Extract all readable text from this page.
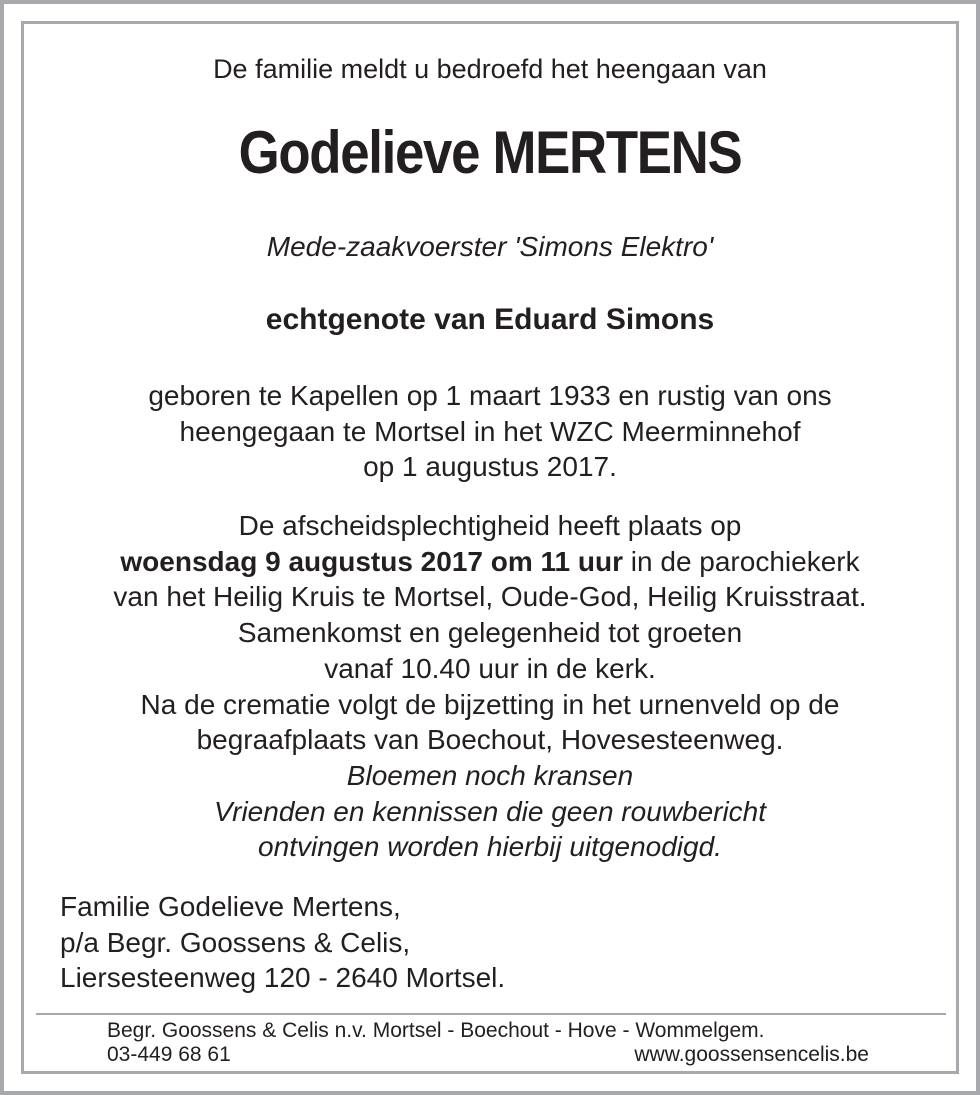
De familie meldt u bedroefd het heengaan van
Godelieve MERTENS
Mede-zaakvoerster 'Simons Elektro'
echtgenote van Eduard Simons
geboren te Kapellen op 1 maart 1933 en rustig van ons
heengegaan te Mortsel in het WZC Meerminnehof
op 1 augustus 2017.
De afscheidsplechtigheid heeft plaats op
woensdag 9 augustus 2017 om 11 uur in de parochiekerk
van het Heilig Kruis te Mortsel, Oude-God, Heilig Kruisstraat.
Samenkomst en gelegenheid tot groeten
vanaf 10.40 uur in de kerk.
Na de crematie volgt de bijzetting in het urnenveld op de
begraafplaats van Boechout, Hovesesteenweg.
Bloemen noch kransen
Vrienden en kennissen die geen rouwbericht
ontvingen worden hierbij uitgenodigd.
Familie Godelieve Mertens,
p/a Begr. Goossens & Celis,
Liersesteenweg 120 - 2640 Mortsel.
Begr. Goossens & Celis n.v. Mortsel - Boechout - Hove - Wommelgem.
03-449 68 61	www.goossensencelis.be
